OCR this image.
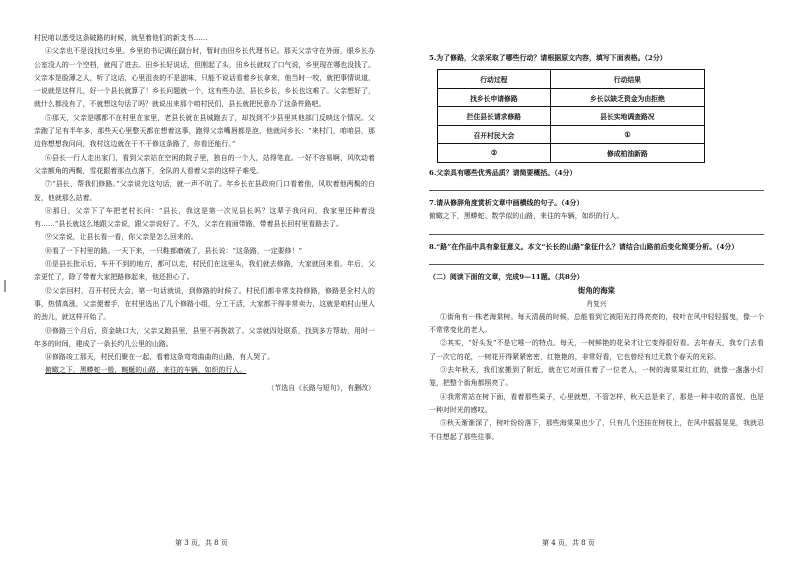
村民咱以悉受这条破路的时候，就坚着他们的新支书……

④父亲也不是没找过乡里。乡里的书记调任副台时，暂时由田乡长代理书记。那天父亲守在外面，眼乡长办公室没人的一个空档，就闯了进去。田乡长好说话，但刚起了头，田乡长就叹了口气说，乡里现在哪也没钱了。父亲本是脸薄之人，听了这话，心里沮丧的不是滋味，只能不说话看着乡长拿来，他当时一咬，就把事情说道，一说就是这样儿，好一个县长就算了！乡长问题就一个，这有些办法，县长乡长，乡长也这难了。父亲想好了，就什么都没有了，不就想这句话了吗？就说出来那个咱村民们，县长就把民意办了这条件路吧。

⑤那天，父亲是哪都不在村里在家里，老县长就在县城跑去了，却找到不少县里其他部门反映这个情况。父亲跑了足有半年多，那些天心里整天都在想着这事，跑得父亲嘴唇都是泡，他就问乡长：“来村门，咱咱县，那边你想想我问问，我村这边就在干不干修这条路了，你看还能行。”

⑥县长一行人走出家门，看到父亲站在空闲的院子里，独自的一个人，站得笔直。一好不容易啊，风吹动着父亲额角的两鬓，雪花跟着那点点落下，全队的人看着父亲的这样子难受。

⑦“县长，帮我们修路。”父亲说完这句话，就一声不吭了。年乡长在县政府门口看着他，风吹着他两鬓的白发，他就那么站着。

⑧那日，父亲下了车把老村长问：“县长，我这是第一次见县长吗？这辈子我问问，我家里还种着没有……”县长就这么地跟父亲说，跟父亲说好了。不久，父亲在前面带路，带着县长回村里看路去了。

⑨父亲说，让县长看一看，你父亲是怎么回来的。

⑩看了一下村里的路。一天下来，一只鞋都磨破了，县长说：“这条路，一定要修！”

⑪是县长批示后，车开不到的地方，都可以走，村民们在这里头，我们就去修路，大家就回来看。年后，父亲更忙了，除了带着大家把路修起来，他还担心了。

⑫父亲回村，召开村民大会，第一句话就说，到修路的时候了。村民们都非常支持修路，修路是全村人的事，热情高涨，父亲便着手，在村里选出了几个修路小组，分工干活，大家都干得非常卖力，这就是咱村山里人的劲儿，就这样开始了。

⑬修路三个月后，资金缺口大，父亲又跑县里，县里不再拨款了。父亲就四处联系，找到多方帮助，用时一年多的时间，建成了一条长约几公里的山路。

⑭修路竣工那天，村民们聚在一起，看着这条弯弯曲曲的山路，有人哭了。

俯瞰之下，黑蟒蛇一般，蜿蜒的山路，来往的车辆，如织的行人。

（节选自《长路与短句》，有删改）

第 3 页，共 8 页

5.为了修路，父亲采取了哪些行动？请根据原文内容，填写下面表格。（2分）

行动过程	行动结果
找乡长申请修路	乡长以缺乏资金为由拒绝
拦住县长请求修路	县长实地调查路况
召开村民大会	①
②	修成柏油新路

6.父亲具有哪些优秀品质？请简要概括。（4分）

7.请从修辞角度赏析文章中画横线的句子。（4分）

俯瞰之下，黑蟒蛇、数学似的山路，来往的车辆，如织的行人。

8.“路”在作品中具有象征意义。本文“长长的山路”象征什么？请结合山路前后变化简要分析。（4分）

（二）阅读下面的文章，完成9—11题。（共8分）

街角的海棠

肖复兴

①街角有一株老海棠树。每天清晨的时候，总能看到它被阳光打得亮亮的，枝叶在风中轻轻摇曳，像一个不常常变化的老人。

②其实，“好头发”不是它唯一的特点。每天，一树鲜艳的花朵才让它变得很好看。去年春天，我专门去看了一次它的花，一树花开得紧紧密密，红艳艳的，非常好看，它也曾经有过无数个春天的光彩。

③去年秋天，我们家搬到了附近，就在它对面住着了一位老人，一树的海棠果红红的，就像一盏盏小灯笼，把整个街角都照亮了。

④我常常站在树下面，看着那些果子，心里就想，不管怎样，秋天总是来了，那是一种丰收的喜悦，也是一种对时光的感叹。

⑤秋天渐渐深了，树叶纷纷落下，那些海棠果也少了，只有几个还挂在树枝上，在风中摇摇晃晃，我就忍不住想起了那些往事。

第 4 页，共 8 页
